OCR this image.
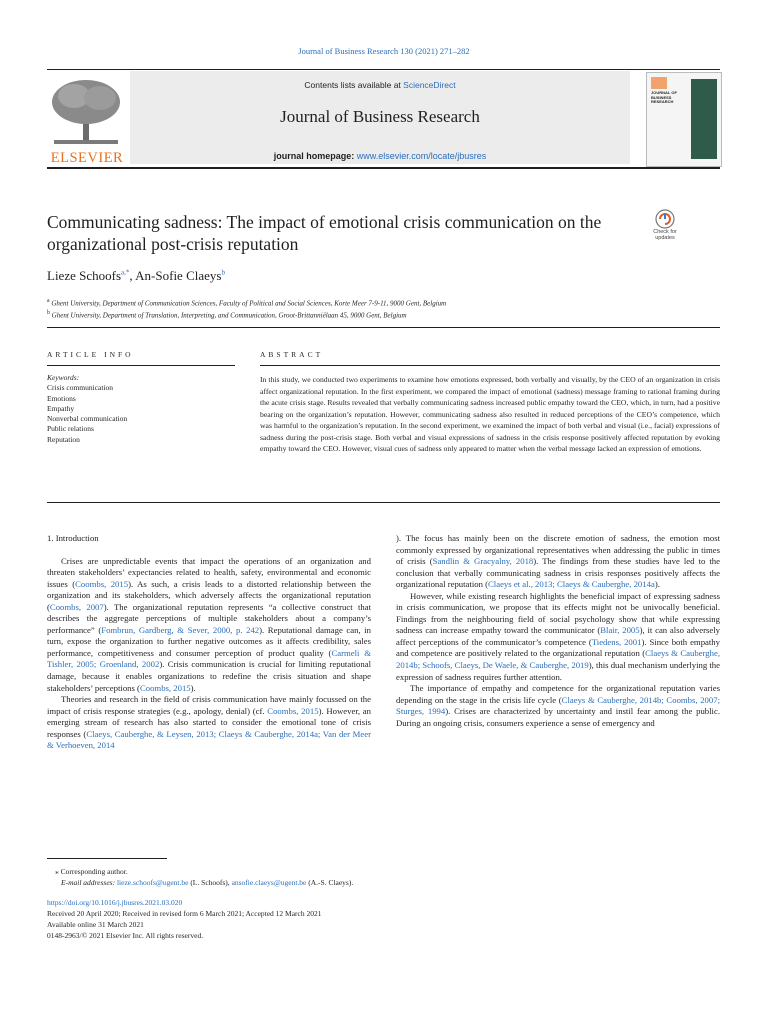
Journal of Business Research 130 (2021) 271–282
ELSEVIER
Contents lists available at ScienceDirect
Journal of Business Research
journal homepage: www.elsevier.com/locate/jbusres
JOURNAL OF BUSINESS RESEARCH
Communicating sadness: The impact of emotional crisis communication on the organizational post-crisis reputation
Check for updates
Lieze Schoofs$^{a,*}$, An-Sofie Claeys$^b$
$^a$ Ghent University, Department of Communication Sciences, Faculty of Political and Social Sciences, Korte Meer 7-9-11, 9000 Gent, Belgium
$^b$ Ghent University, Department of Translation, Interpreting, and Communication, Groot-Brittanniëlaan 45, 9000 Gent, Belgium
ARTICLE INFO
Keywords:
Crisis communication
Emotions
Empathy
Nonverbal communication
Public relations
Reputation
ABSTRACT
In this study, we conducted two experiments to examine how emotions expressed, both verbally and visually, by the CEO of an organization in crisis affect organizational reputation. In the first experiment, we compared the impact of emotional (sadness) message framing to rational framing during the acute crisis stage. Results revealed that verbally communicating sadness increased public empathy toward the CEO, which, in turn, had a positive bearing on the organization’s reputation. However, communicating sadness also resulted in reduced perceptions of the CEO’s competence, which was harmful to the organization’s reputation. In the second experiment, we examined the impact of both verbal and visual (i.e., facial) expressions of sadness during the post-crisis stage. Both verbal and visual expressions of sadness in the crisis response positively affected reputation by evoking empathy toward the CEO. However, visual cues of sadness only appeared to matter when the verbal message lacked an expression of emotions.
1. Introduction

Crises are unpredictable events that impact the operations of an organization and threaten stakeholders’ expectancies related to health, safety, environmental and economic issues (Coombs, 2015). As such, a crisis leads to a distorted relationship between the organization and its stakeholders, which adversely affects the organizational reputation (Coombs, 2007). The organizational reputation represents “a collective construct that describes the aggregate perceptions of multiple stakeholders about a company’s performance” (Fombrun, Gardberg, & Sever, 2000, p. 242). Reputational damage can, in turn, expose the organization to further negative outcomes as it affects credibility, sales performance, competitiveness and consumer perception of product quality (Carmeli & Tishler, 2005; Groenland, 2002). Crisis communication is crucial for limiting reputational damage, because it enables organizations to redefine the crisis situation and shape stakeholders’ perceptions (Coombs, 2015).

Theories and research in the field of crisis communication have mainly focussed on the impact of crisis response strategies (e.g., apology, denial) (cf. Coombs, 2015). However, an emerging stream of research has also started to consider the emotional tone of crisis responses (Claeys, Cauberghe, & Leysen, 2013; Claeys & Cauberghe, 2014a; Van der Meer & Verhoeven, 2014

). The focus has mainly been on the discrete emotion of sadness, the emotion most commonly expressed by organizational representatives when addressing the public in times of crisis (Sandlin & Gracyalny, 2018). The findings from these studies have led to the conclusion that verbally communicating sadness in crisis responses positively affects the organizational reputation (Claeys et al., 2013; Claeys & Cauberghe, 2014a).

However, while existing research highlights the beneficial impact of expressing sadness in crisis communication, we propose that its effects might not be univocally beneficial. Findings from the neighbouring field of social psychology show that while expressing sadness can increase empathy toward the communicator (Blair, 2005), it can also adversely affect perceptions of the communicator’s competence (Tiedens, 2001). Since both empathy and competence are positively related to the organizational reputation (Claeys & Cauberghe, 2014b; Schoofs, Claeys, De Waele, & Cauberghe, 2019), this dual mechanism underlying the expression of sadness requires further attention.

The importance of empathy and competence for the organizational reputation varies depending on the stage in the crisis life cycle (Claeys & Cauberghe, 2014b; Coombs, 2007; Sturges, 1994). Crises are characterized by uncertainty and instil fear among the public. During an ongoing crisis, consumers experience a sense of emergency and

⁎ Corresponding author.
E-mail addresses: lieze.schoofs@ugent.be (L. Schoofs), ansofie.claeys@ugent.be (A.-S. Claeys).
https://doi.org/10.1016/j.jbusres.2021.03.020
Received 20 April 2020; Received in revised form 6 March 2021; Accepted 12 March 2021
Available online 31 March 2021
0148-2963/© 2021 Elsevier Inc. All rights reserved.
